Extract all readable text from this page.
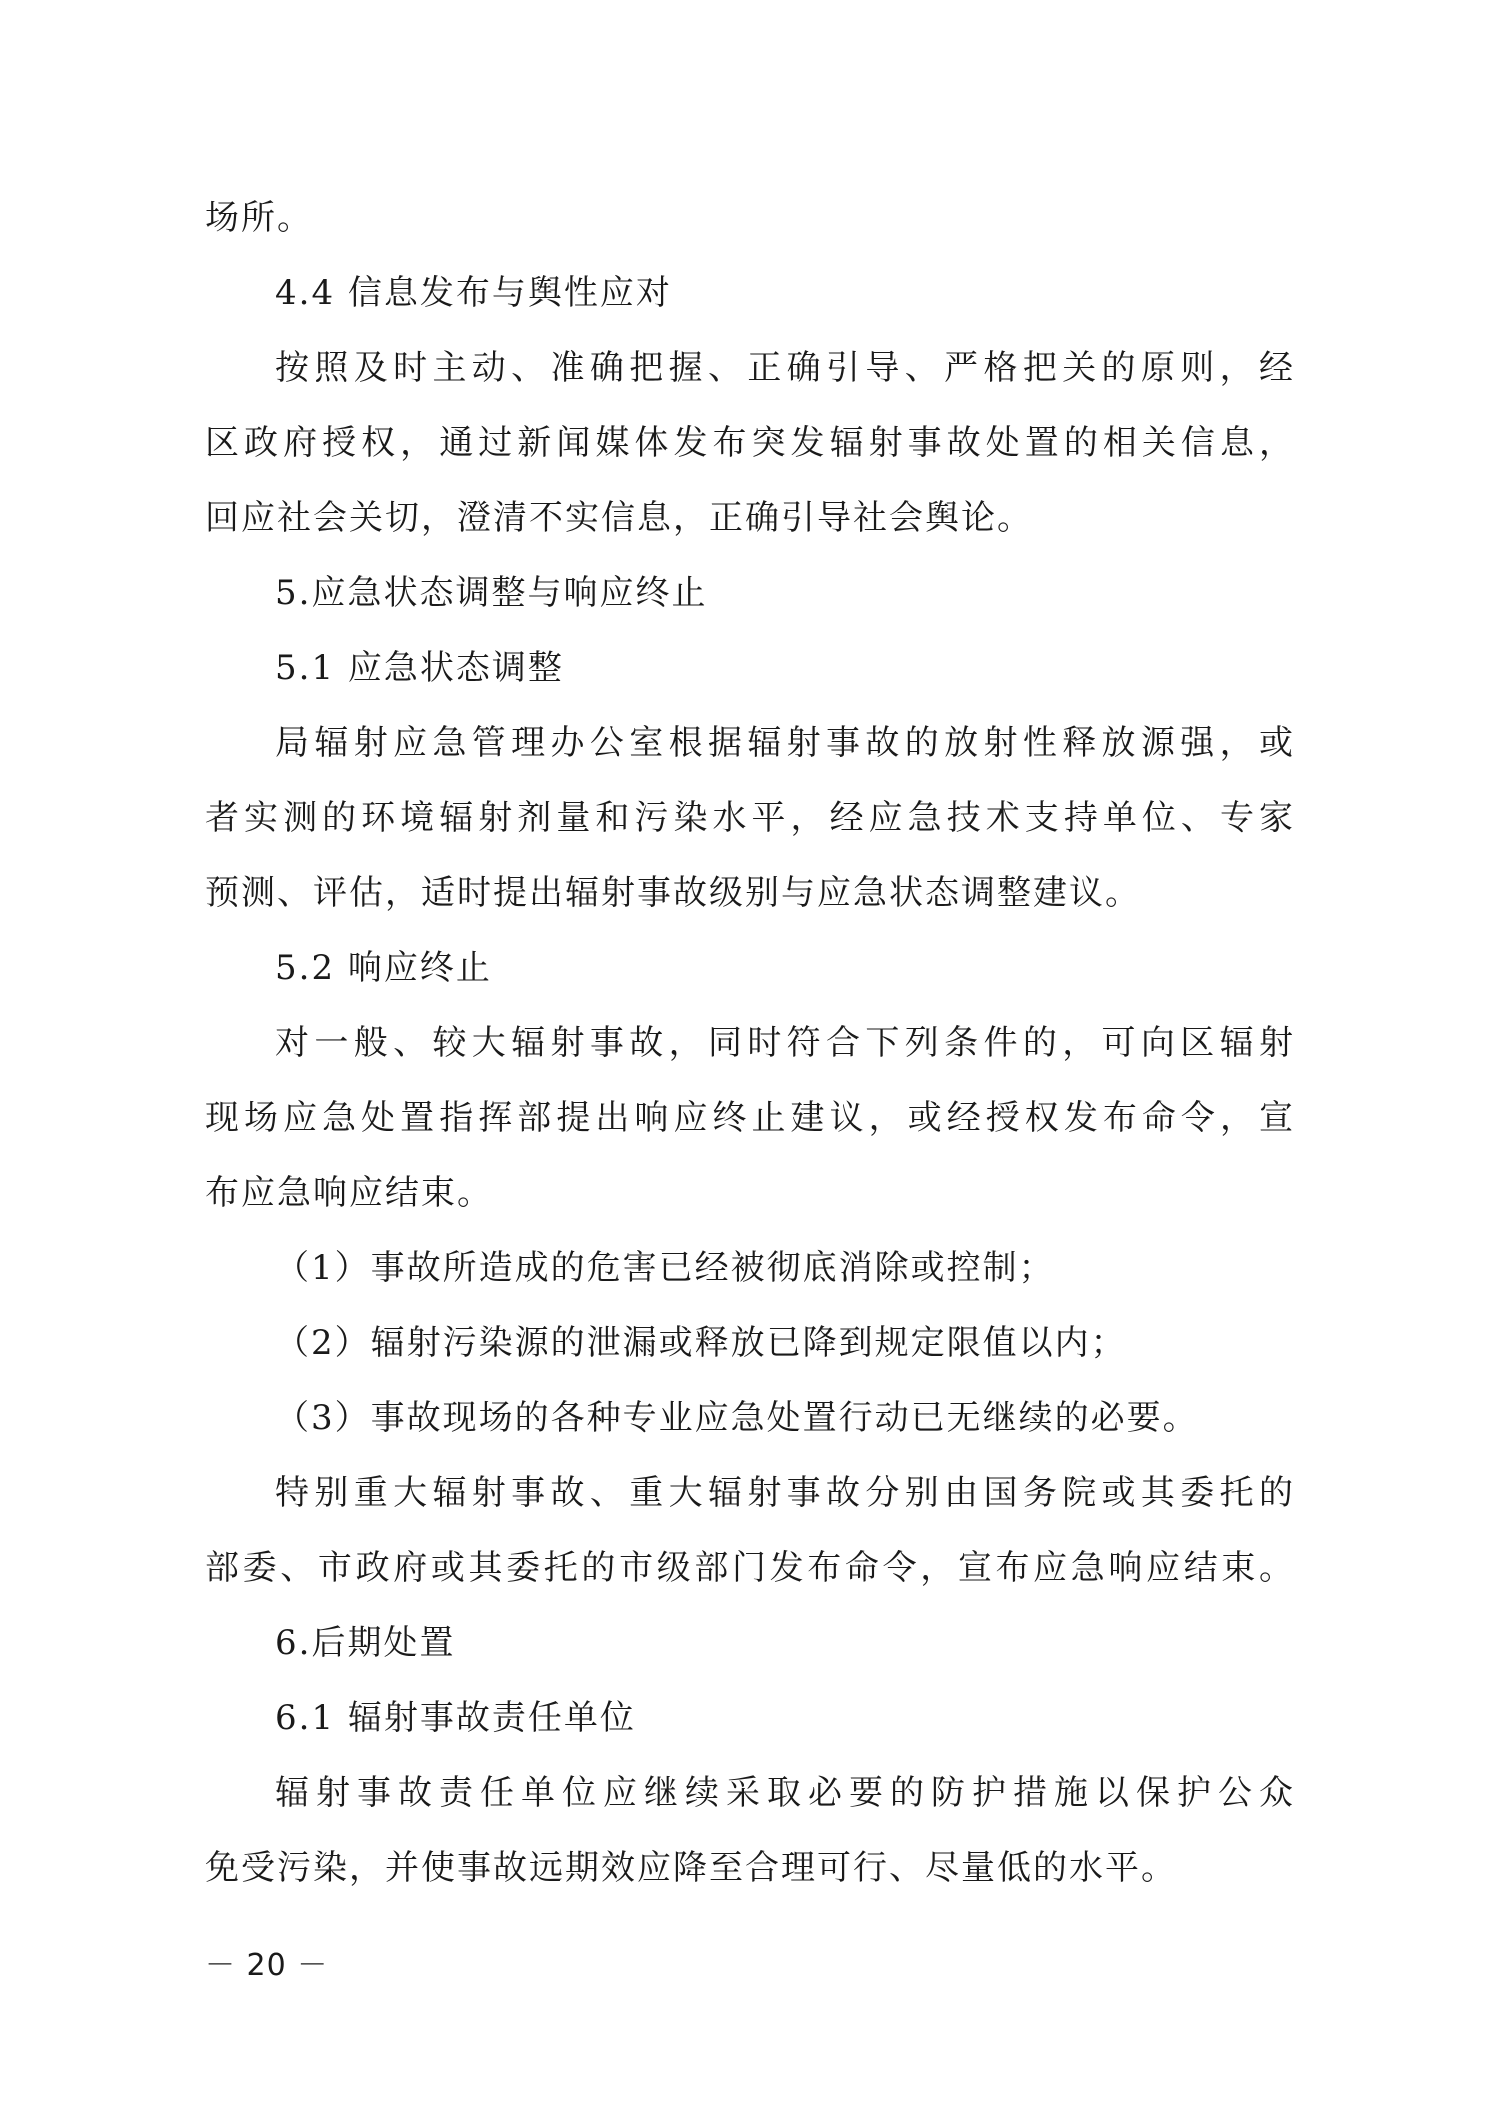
场所。
4.4 信息发布与舆性应对
按照及时主动、准确把握、正确引导、严格把关的原则，经
区政府授权，通过新闻媒体发布突发辐射事故处置的相关信息，
回应社会关切，澄清不实信息，正确引导社会舆论。
5.应急状态调整与响应终止
5.1 应急状态调整
局辐射应急管理办公室根据辐射事故的放射性释放源强，或
者实测的环境辐射剂量和污染水平，经应急技术支持单位、专家
预测、评估，适时提出辐射事故级别与应急状态调整建议。
5.2 响应终止
对一般、较大辐射事故，同时符合下列条件的，可向区辐射
现场应急处置指挥部提出响应终止建议，或经授权发布命令，宣
布应急响应结束。
（1）事故所造成的危害已经被彻底消除或控制；
（2）辐射污染源的泄漏或释放已降到规定限值以内；
（3）事故现场的各种专业应急处置行动已无继续的必要。
特别重大辐射事故、重大辐射事故分别由国务院或其委托的
部委、市政府或其委托的市级部门发布命令，宣布应急响应结束。
6.后期处置
6.1 辐射事故责任单位
辐射事故责任单位应继续采取必要的防护措施以保护公众
免受污染，并使事故远期效应降至合理可行、尽量低的水平。
－ 20 －
